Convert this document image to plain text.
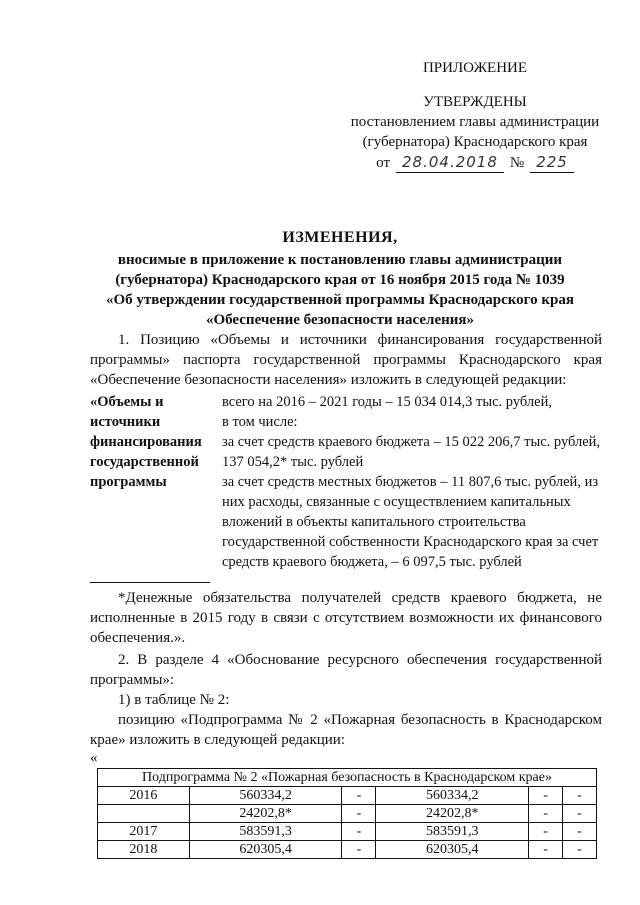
ПРИЛОЖЕНИЕ
УТВЕРЖДЕНЫ
постановлением главы администрации
(губернатора) Краснодарского края
от 28.04.2018 № 225
ИЗМЕНЕНИЯ,
вносимые в приложение к постановлению главы администрации
(губернатора) Краснодарского края от 16 ноября 2015 года № 1039
«Об утверждении государственной программы Краснодарского края
«Обеспечение безопасности населения»
1. Позицию «Объемы и источники финансирования государственной программы» паспорта государственной программы Краснодарского края «Обеспечение безопасности населения» изложить в следующей редакции:
«Объемы и источники финансирования государственной программы
всего на 2016 – 2021 годы – 15 034 014,3 тыс. рублей,
в том числе:
за счет средств краевого бюджета – 15 022 206,7 тыс. рублей, 137 054,2* тыс. рублей
за счет средств местных бюджетов – 11 807,6 тыс. рублей, из них расходы, связанные с осуществлением капитальных вложений в объекты капитального строительства государственной собственности Краснодарского края за счет средств краевого бюджета, – 6 097,5 тыс. рублей
*Денежные обязательства получателей средств краевого бюджета, не исполненные в 2015 году в связи с отсутствием возможности их финансового обеспечения.».
2. В разделе 4 «Обоснование ресурсного обеспечения государственной программы»:
1) в таблице № 2:
позицию «Подпрограмма № 2 «Пожарная безопасность в Краснодарском крае» изложить в следующей редакции:
«
Подпрограмма № 2 «Пожарная безопасность в Краснодарском крае»					
2016	560334,2	-	560334,2	-	-
	24202,8*	-	24202,8*	-	-
2017	583591,3	-	583591,3	-	-
2018	620305,4	-	620305,4	-	-
